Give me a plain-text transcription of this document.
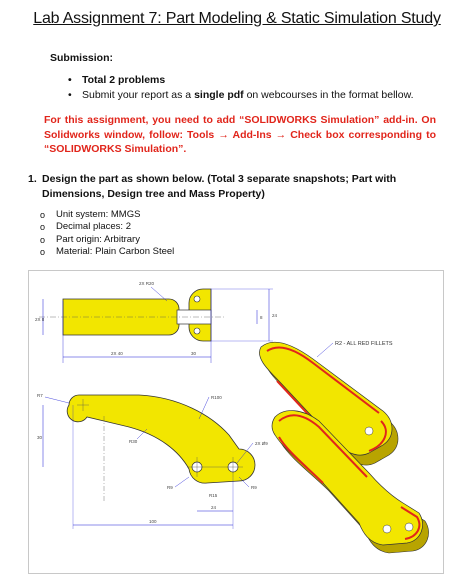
Lab Assignment 7: Part Modeling & Static Simulation Study
Submission:
• Total 2 problems
• Submit your report as a single pdf on webcourses in the format bellow.
For this assignment, you need to add “SOLIDWORKS Simulation” add-in. On Solidworks window, follow: Tools → Add-Ins → Check box corresponding to “SOLIDWORKS Simulation”.
1. Design the part as shown below. (Total 3 separate snapshots; Part with Dimensions, Design tree and Mass Property)
o Unit system: MMGS
o Decimal places: 2
o Part origin: Arbitrary
o Material: Plain Carbon Steel
2X 8
2X 40	30
2X R20
8 24
R7	R100
R30	2X Ø9
R15
R9	R9
30
24
100
R2 - ALL RED FILLETS
